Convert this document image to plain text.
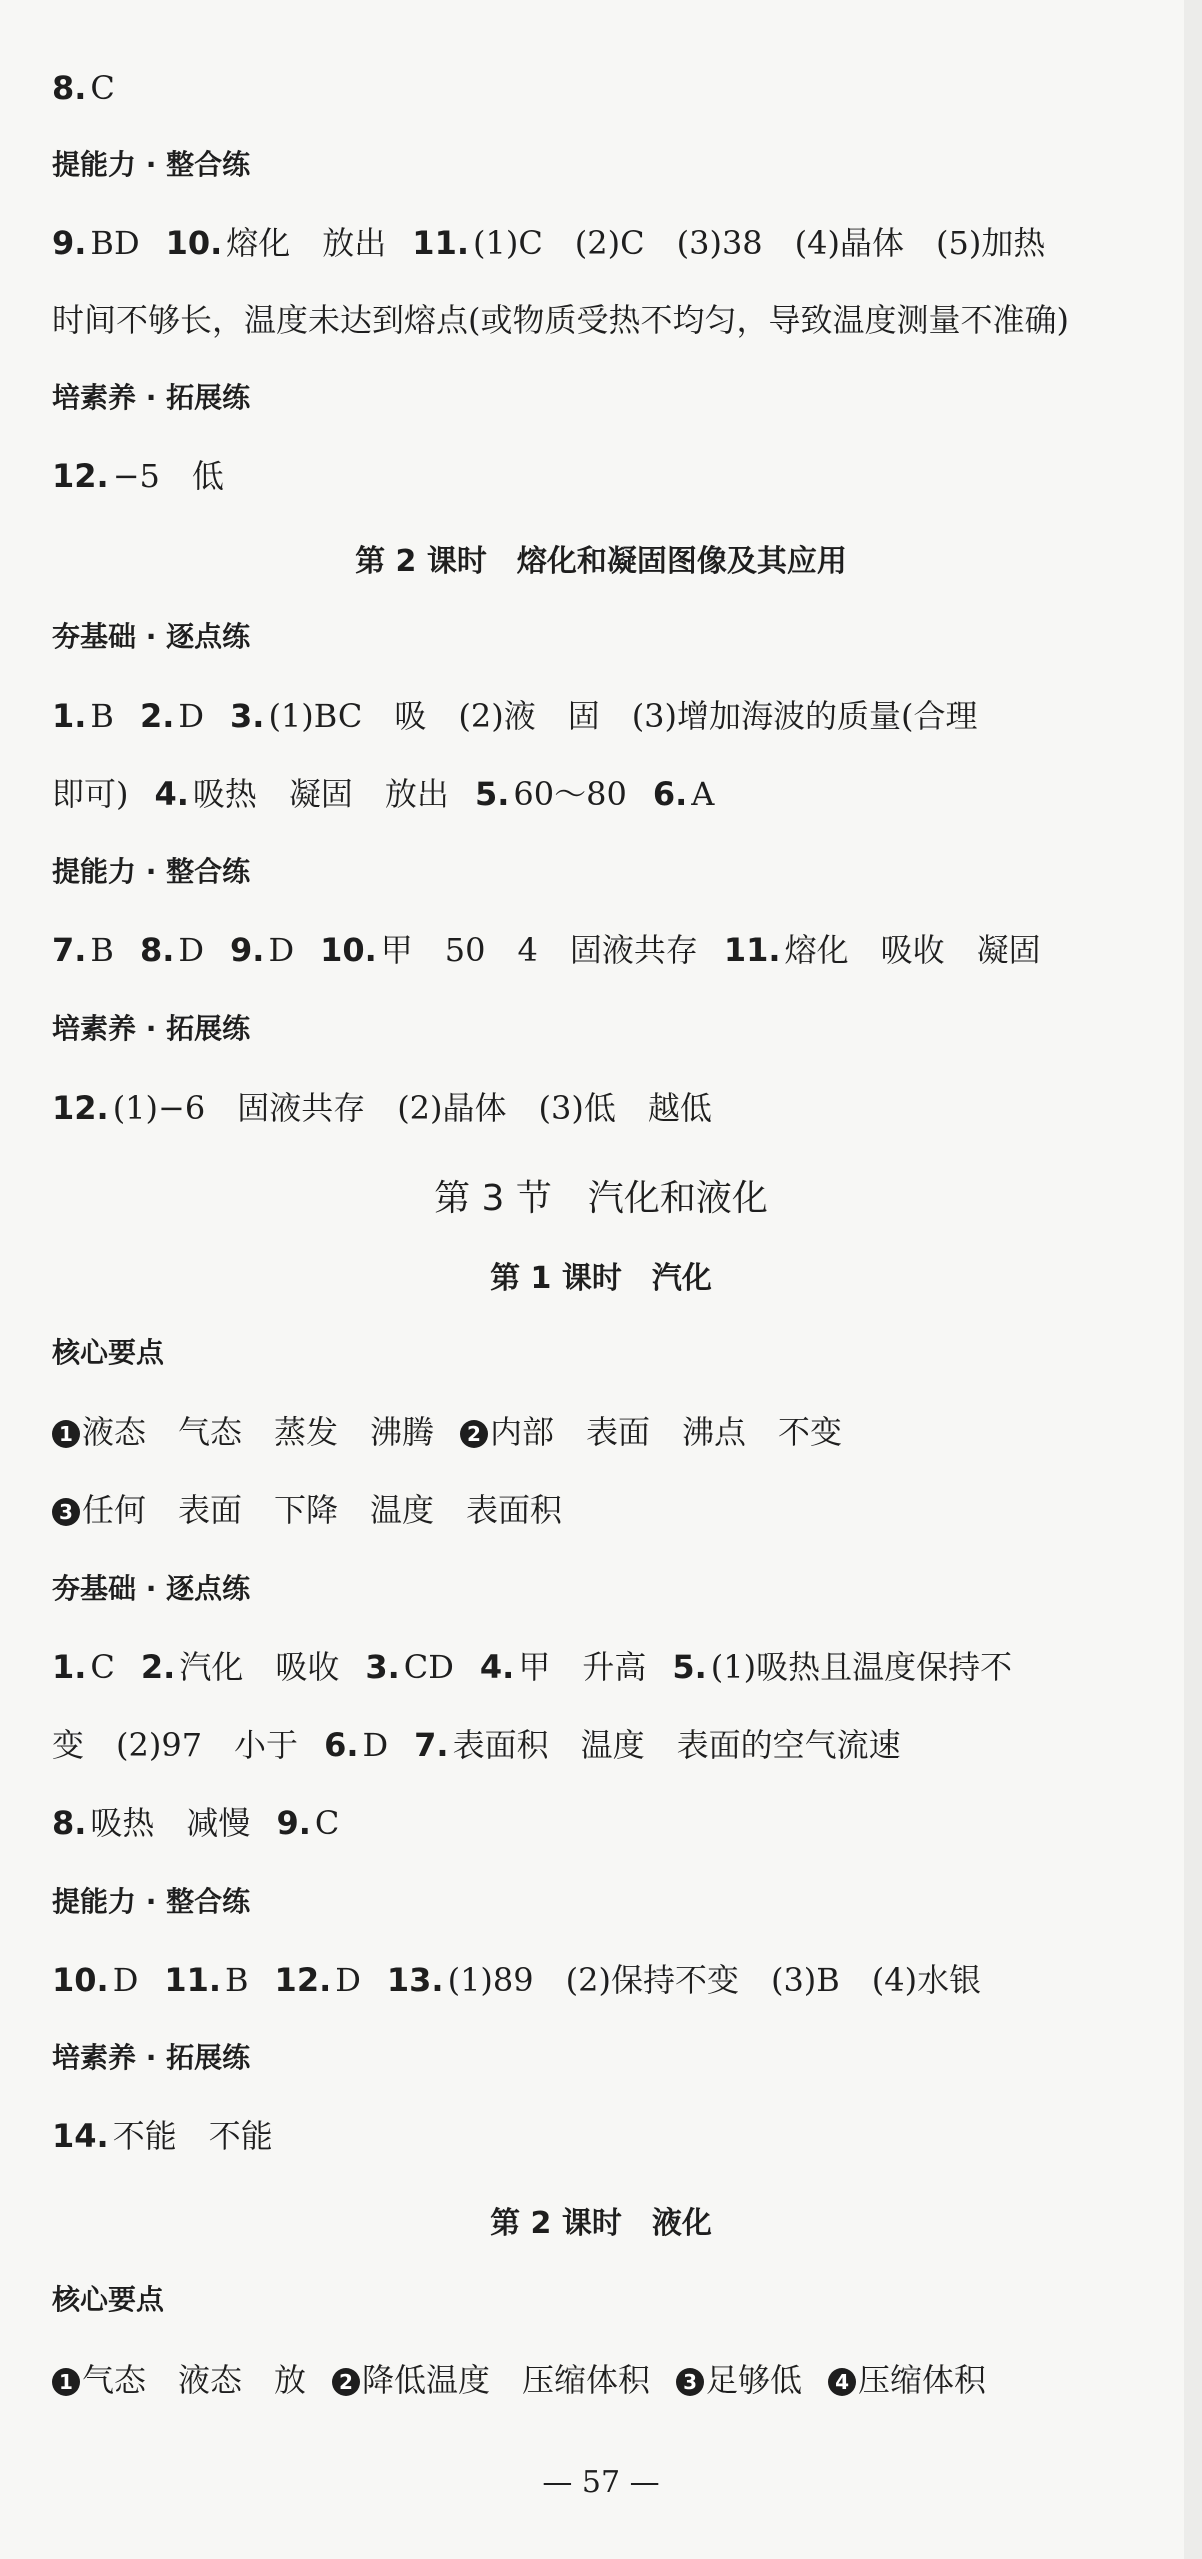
8. C
提能力 · 整合练
9. BD 10. 熔化　放出 11. (1)C　(2)C　(3)38　(4)晶体　(5)加热
时间不够长，温度未达到熔点(或物质受热不均匀，导致温度测量不准确)
培素养 · 拓展练
12. −5　低
第 2 课时　熔化和凝固图像及其应用
夯基础 · 逐点练
1. B 2. D 3. (1)BC　吸　(2)液　固　(3)增加海波的质量(合理
即可) 4. 吸热　凝固　放出 5. 60～80 6. A
提能力 · 整合练
7. B 8. D 9. D 10. 甲　50　4　固液共存 11. 熔化　吸收　凝固
培素养 · 拓展练
12. (1)−6　固液共存　(2)晶体　(3)低　越低
第 3 节　汽化和液化
第 1 课时　汽化
核心要点
1 液态　气态　蒸发　沸腾 2 内部　表面　沸点　不变
3 任何　表面　下降　温度　表面积
夯基础 · 逐点练
1. C 2. 汽化　吸收 3. CD 4. 甲　升高 5. (1)吸热且温度保持不
变　(2)97　小于 6. D 7. 表面积　温度　表面的空气流速
8. 吸热　减慢 9. C
提能力 · 整合练
10. D 11. B 12. D 13. (1)89　(2)保持不变　(3)B　(4)水银
培素养 · 拓展练
14. 不能　不能
第 2 课时　液化
核心要点
1 气态　液态　放 2 降低温度　压缩体积 3 足够低 4 压缩体积
— 57 —
